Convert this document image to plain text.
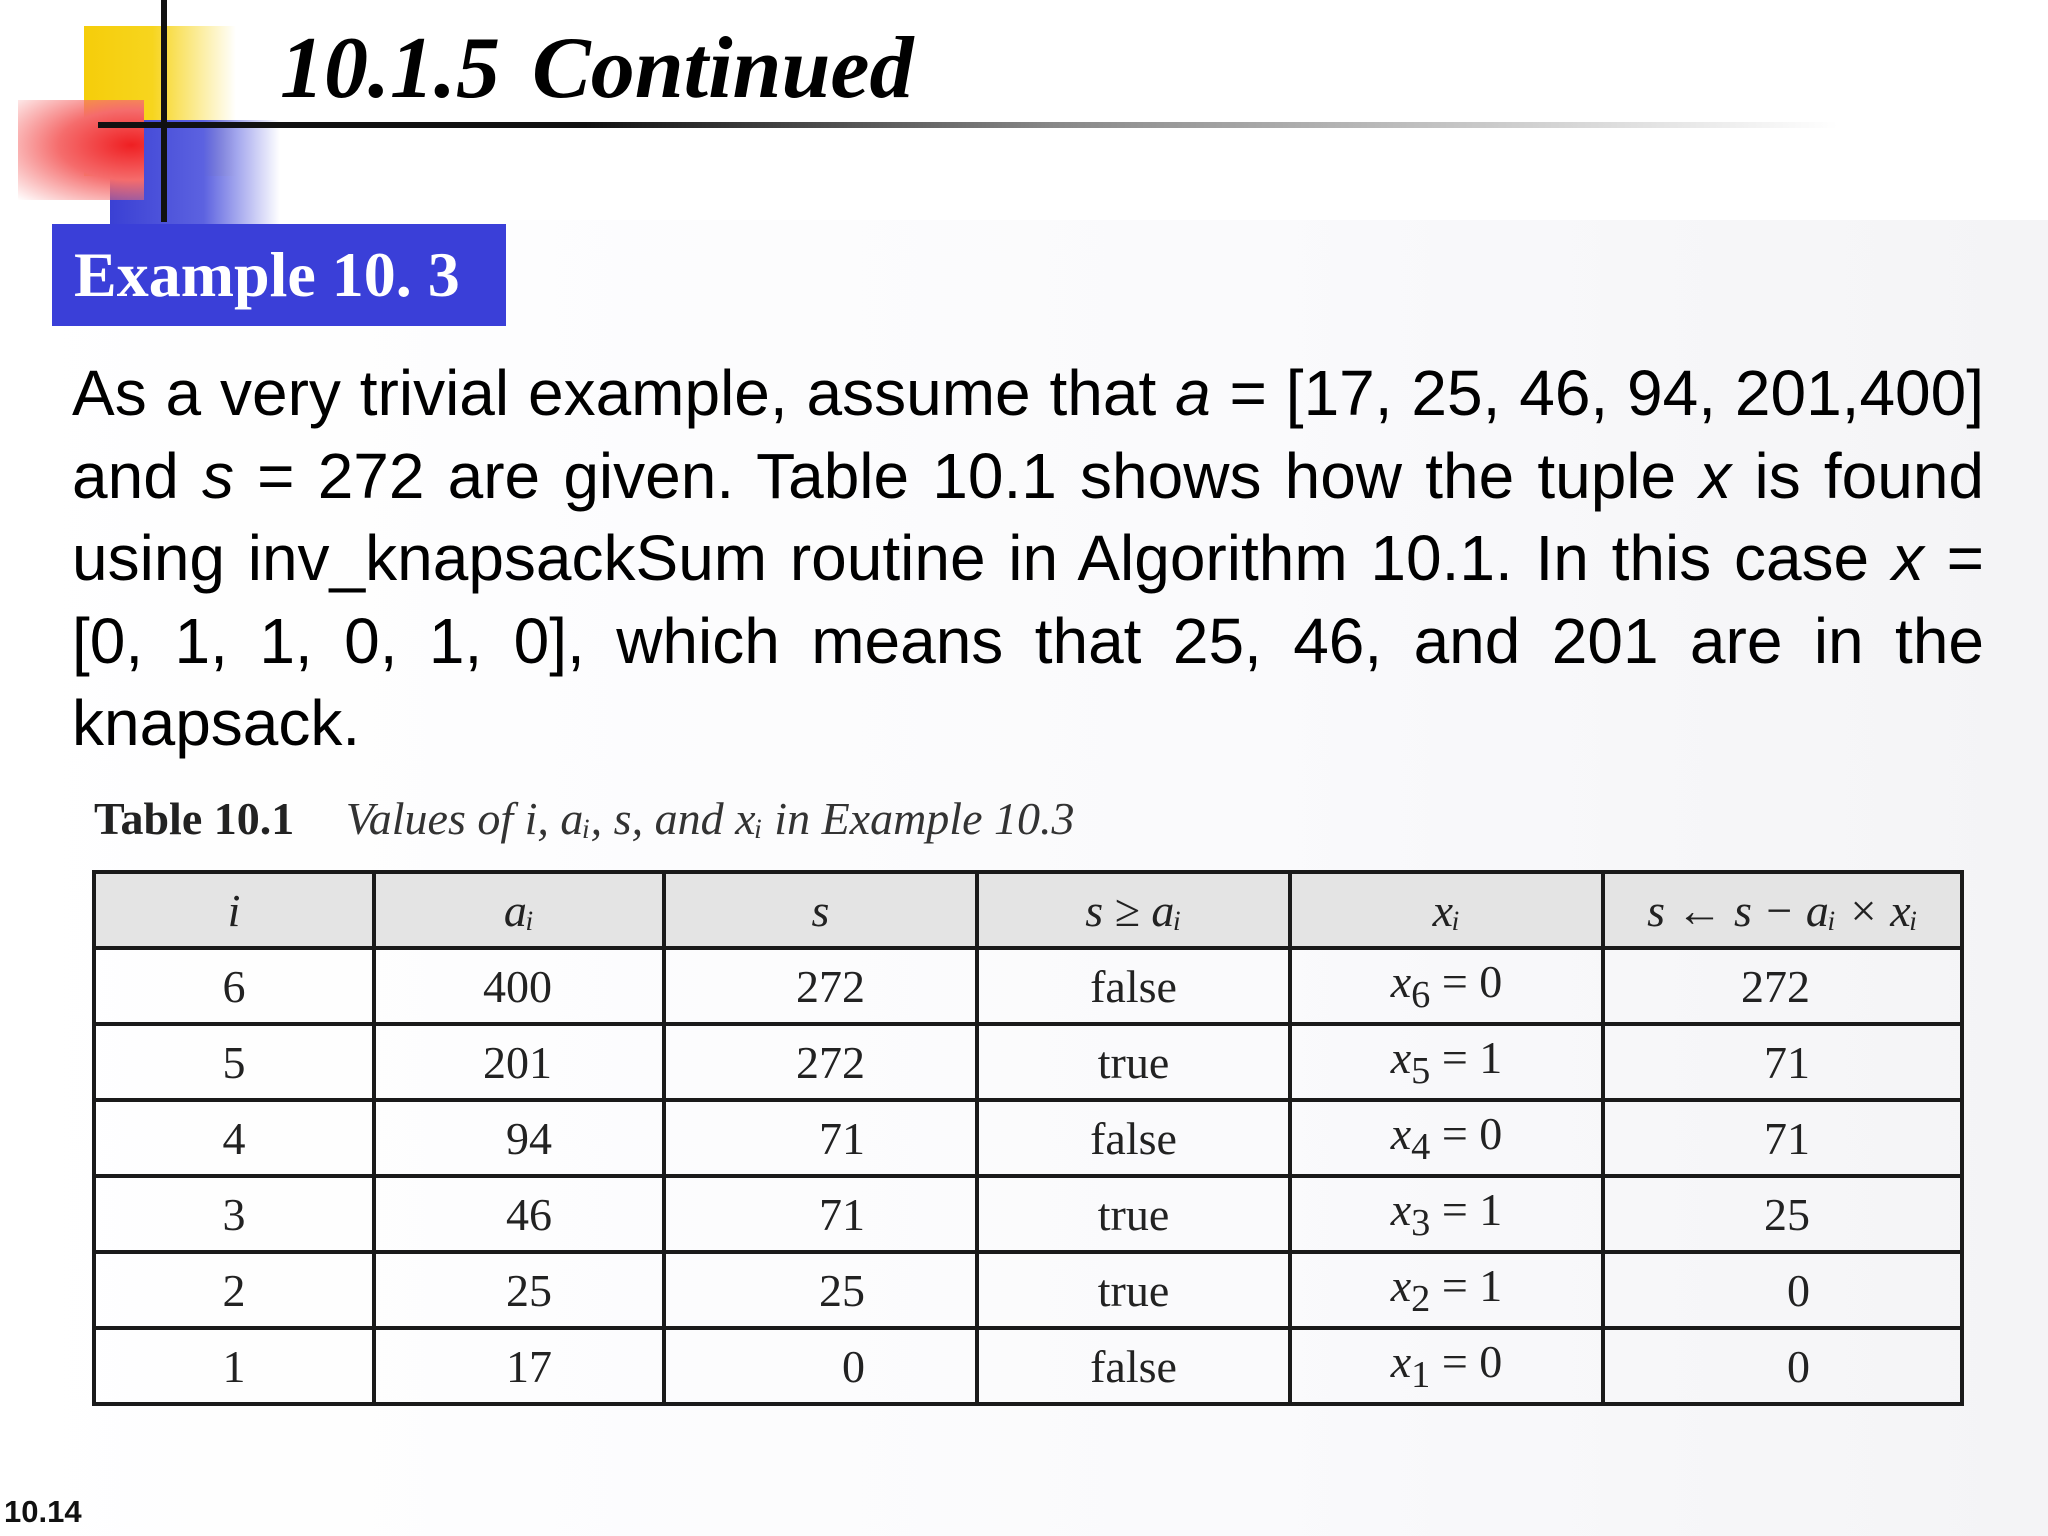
10.1.5 Continued
Example 10. 3

As a very trivial example, assume that a = [17, 25, 46, 94, 201,400] and s = 272 are given. Table 10.1 shows how the tuple x is found using inv_knapsackSum routine in Algorithm 10.1. In this case x = [0, 1, 1, 0, 1, 0], which means that 25, 46, and 201 are in the knapsack.

Table 10.1 Values of i, aᵢ, s, and xᵢ in Example 10.3
i	aᵢ	s	s ≥ aᵢ	xᵢ	s ← s − aᵢ × xᵢ
6	400	272	false	$x_6 = 0$	272
5	201	272	true	$x_5 = 1$	71
4	94	71	false	$x_4 = 0$	71
3	46	71	true	$x_3 = 1$	25
2	25	25	true	$x_2 = 1$	0
1	17	0	false	$x_1 = 0$	0
10.14
